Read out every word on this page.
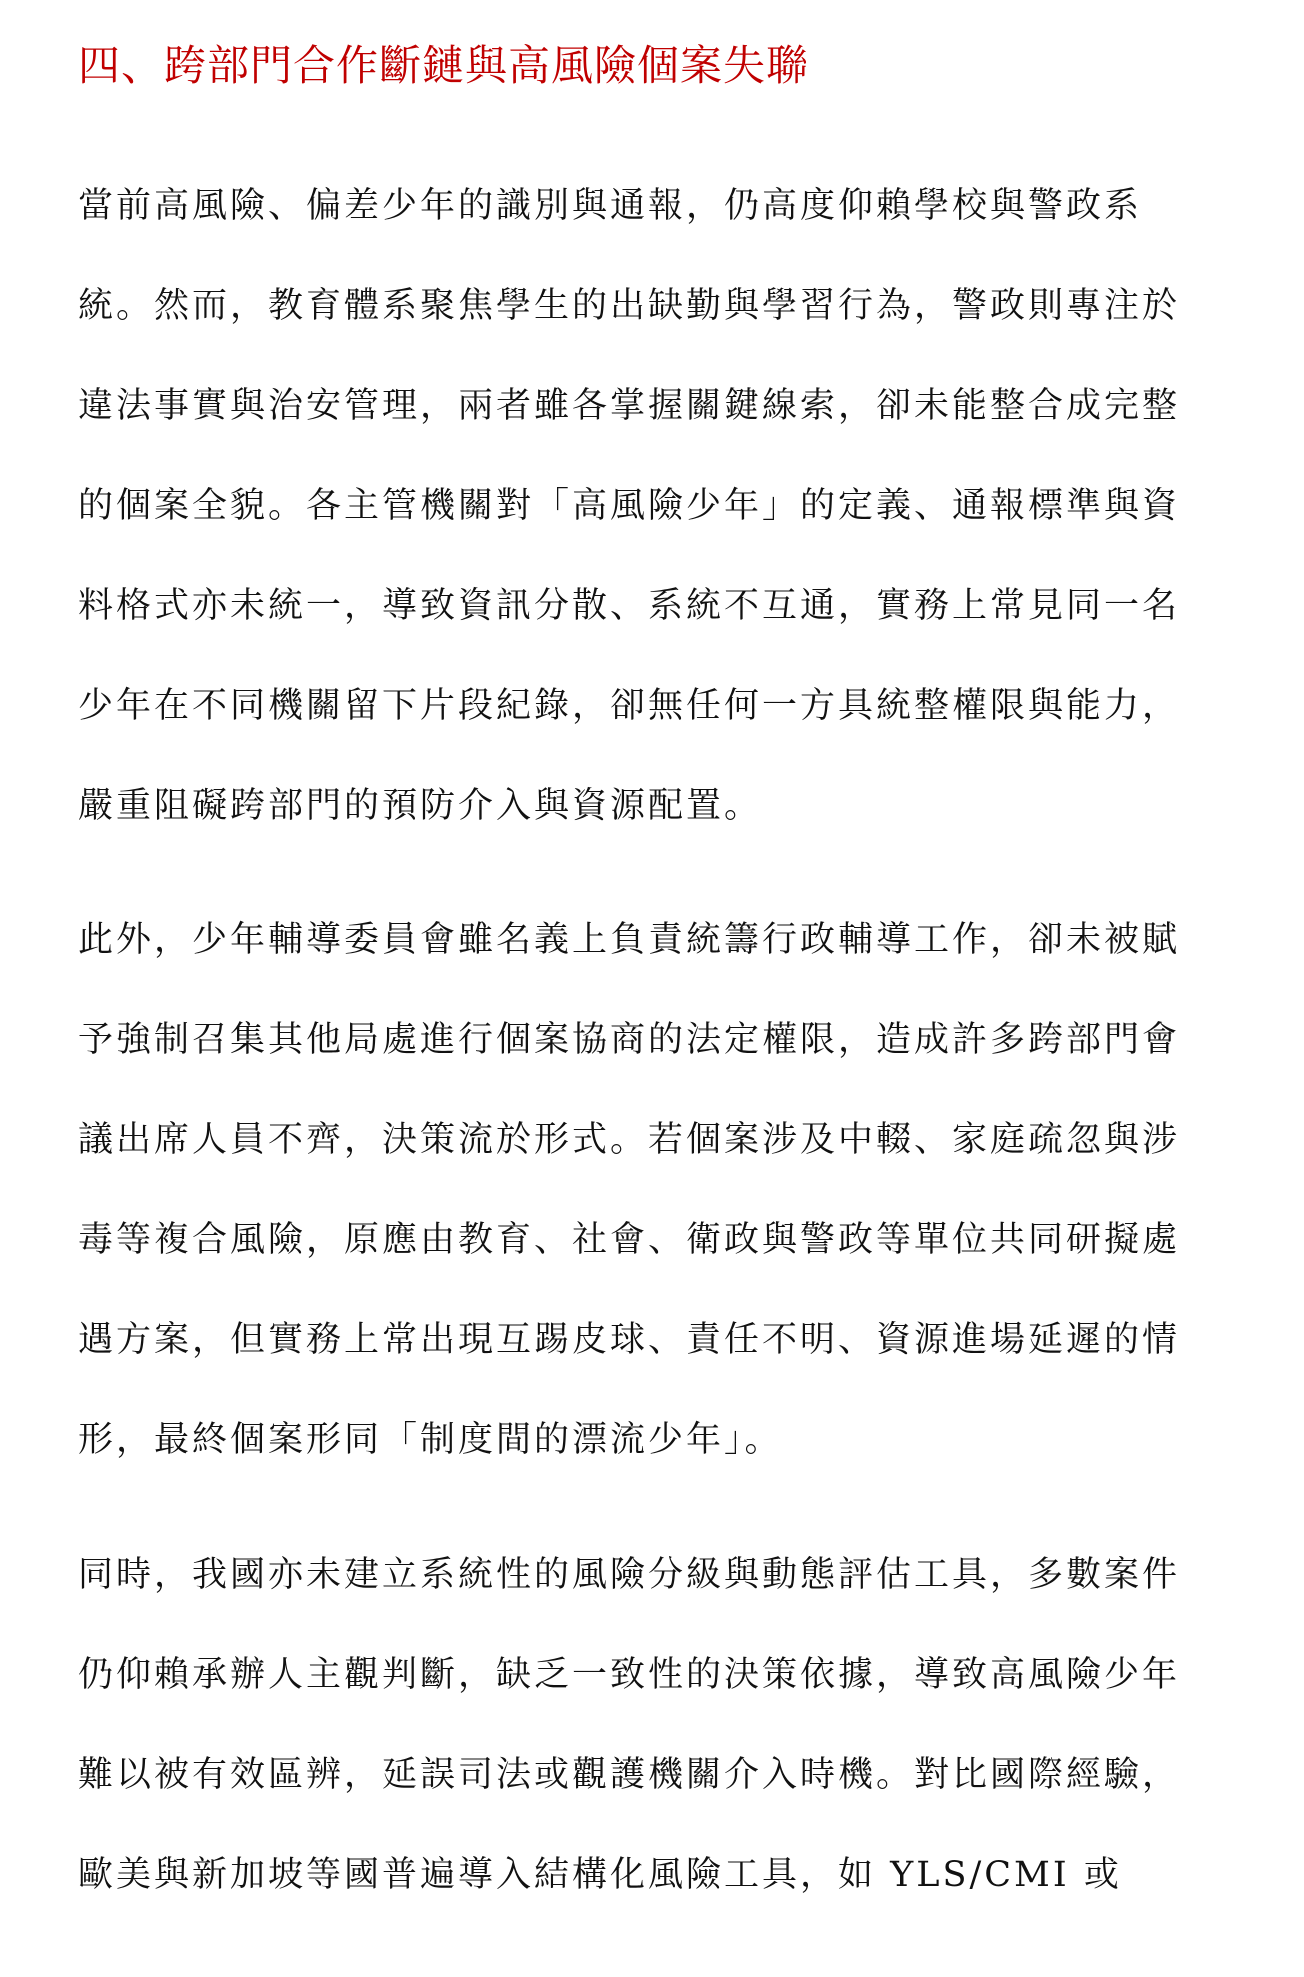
四、跨部門合作斷鏈與高風險個案失聯
當前高風險、偏差少年的識別與通報，仍高度仰賴學校與警政系
統。然而，教育體系聚焦學生的出缺勤與學習行為，警政則專注於
違法事實與治安管理，兩者雖各掌握關鍵線索，卻未能整合成完整
的個案全貌。各主管機關對「高風險少年」的定義、通報標準與資
料格式亦未統一，導致資訊分散、系統不互通，實務上常見同一名
少年在不同機關留下片段紀錄，卻無任何一方具統整權限與能力，
嚴重阻礙跨部門的預防介入與資源配置。
此外，少年輔導委員會雖名義上負責統籌行政輔導工作，卻未被賦
予強制召集其他局處進行個案協商的法定權限，造成許多跨部門會
議出席人員不齊，決策流於形式。若個案涉及中輟、家庭疏忽與涉
毒等複合風險，原應由教育、社會、衛政與警政等單位共同研擬處
遇方案，但實務上常出現互踢皮球、責任不明、資源進場延遲的情
形，最終個案形同「制度間的漂流少年」。
同時，我國亦未建立系統性的風險分級與動態評估工具，多數案件
仍仰賴承辦人主觀判斷，缺乏一致性的決策依據，導致高風險少年
難以被有效區辨，延誤司法或觀護機關介入時機。對比國際經驗，
歐美與新加坡等國普遍導入結構化風險工具，如 YLS/CMI 或
